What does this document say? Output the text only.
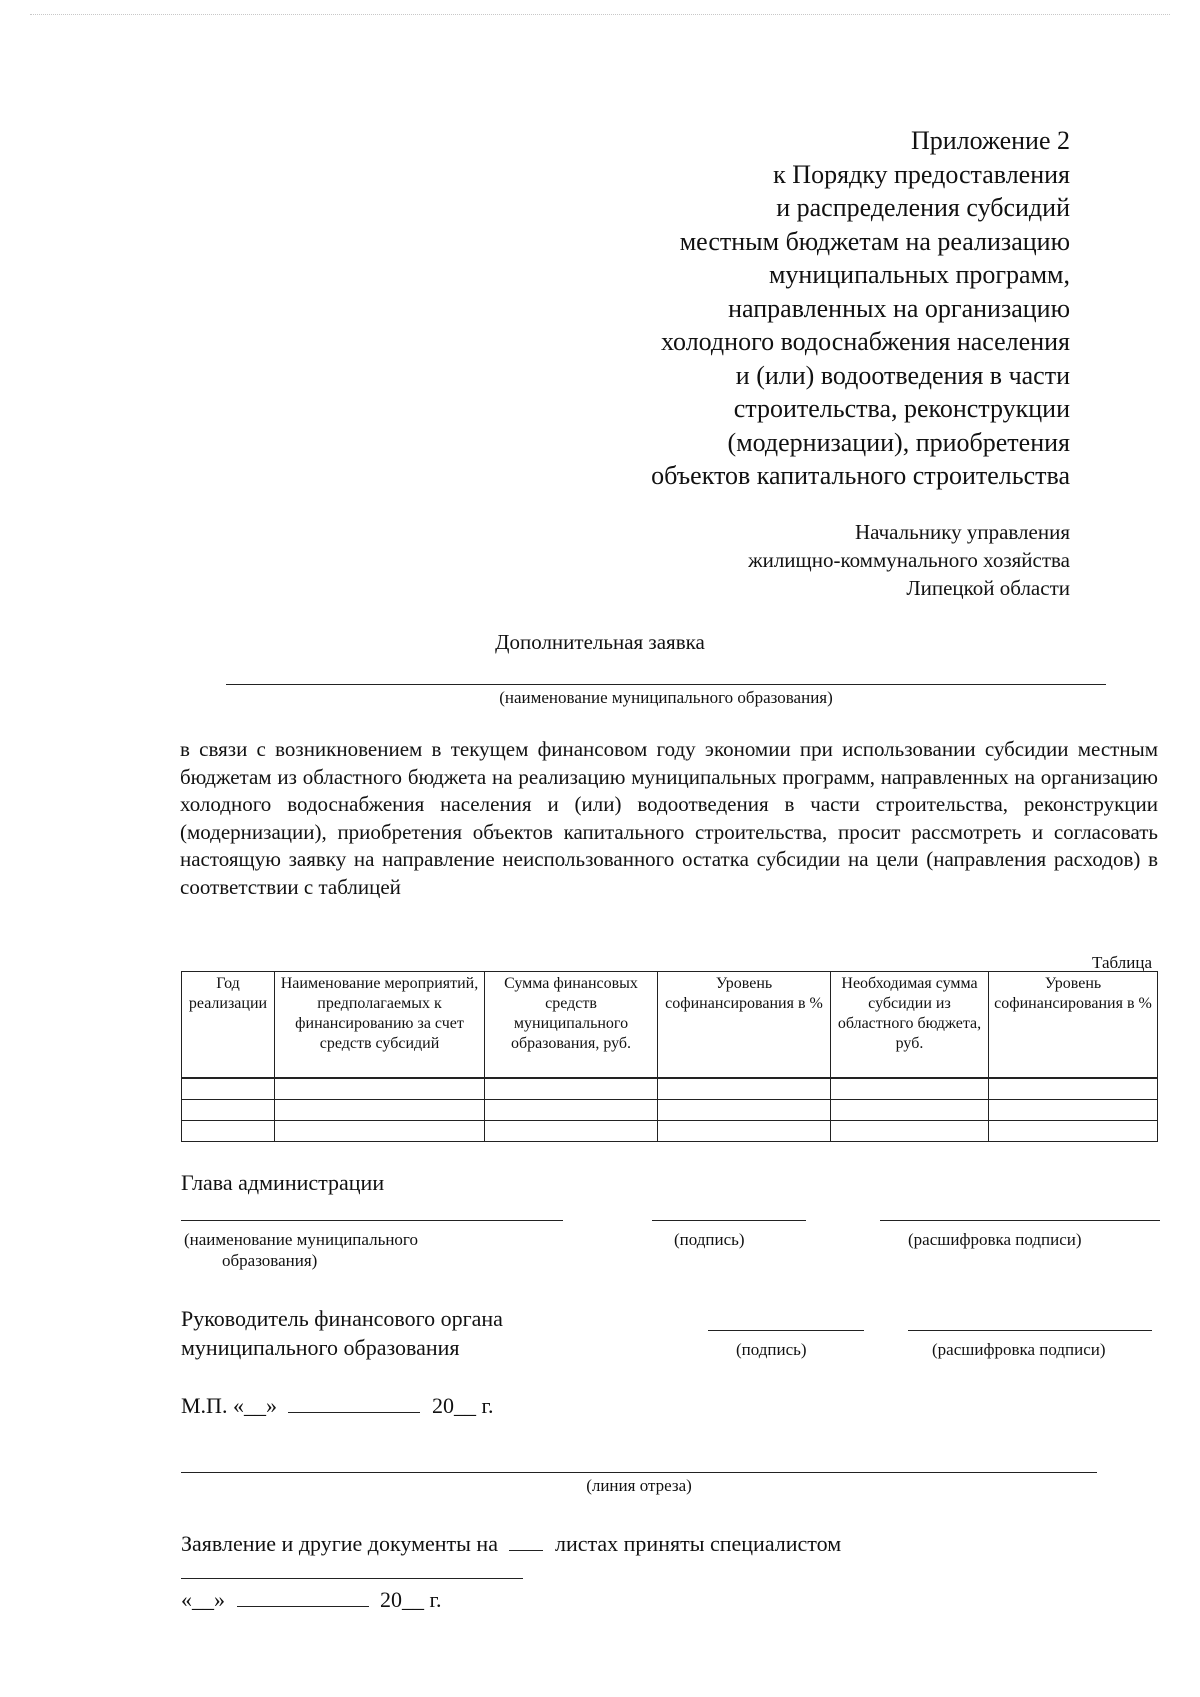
Приложение 2
к Порядку предоставления
и распределения субсидий
местным бюджетам на реализацию
муниципальных программ,
направленных на организацию
холодного водоснабжения населения
и (или) водоотведения в части
строительства, реконструкции
(модернизации), приобретения
объектов капитального строительства
Начальнику управления
жилищно-коммунального хозяйства
Липецкой области
Дополнительная заявка
(наименование муниципального образования)
в связи с возникновением в текущем финансовом году экономии при использовании субсидии местным бюджетам из областного бюджета на реализацию муниципальных программ, направленных на организацию холодного водоснабжения населения и (или) водоотведения в части строительства, реконструкции (модернизации), приобретения объектов капитального строительства, просит рассмотреть и согласовать настоящую заявку на направление неиспользованного остатка субсидии на цели (направления расходов) в соответствии с таблицей
Таблица
Год реализации	Наименование мероприятий, предполагаемых к финансированию за счет средств субсидий	Сумма финансовых средств муниципального образования, руб.	Уровень софинансирования в %	Необходимая сумма субсидии из областного бюджета, руб.	Уровень софинансирования в %

Глава администрации
(наименование муниципального
образования)
(подпись)	(расшифровка подписи)
Руководитель финансового органа
муниципального образования	(подпись)	(расшифровка подписи)
М.П. «__»	20__ г.
(линия отреза)
Заявление и другие документы на	листах приняты специалистом
«__»	20__ г.
